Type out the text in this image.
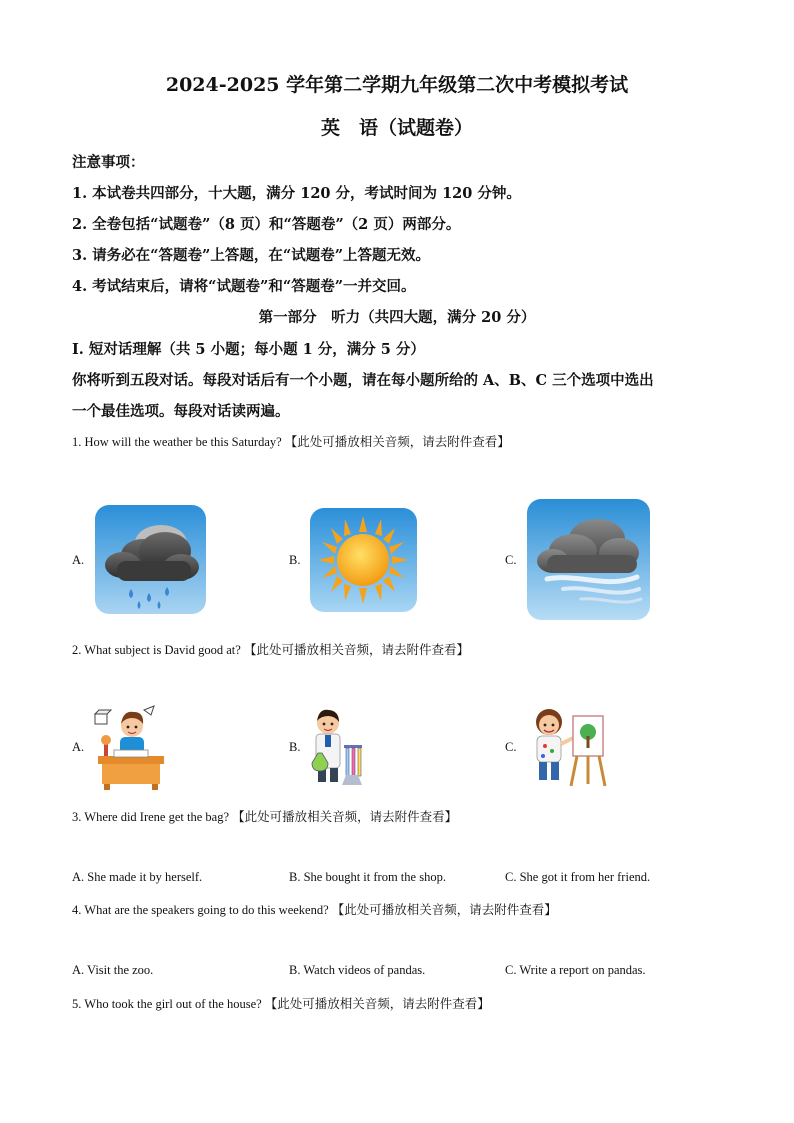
2024-2025 学年第二学期九年级第二次中考模拟考试
英　语（试题卷）
注意事项：
1. 本试卷共四部分，十大题，满分 120 分，考试时间为 120 分钟。
2. 全卷包括“试题卷”（8 页）和“答题卷”（2 页）两部分。
3. 请务必在“答题卷”上答题，在“试题卷”上答题无效。
4. 考试结束后，请将“试题卷”和“答题卷”一并交回。
第一部分　听力（共四大题，满分 20 分）
Ⅰ. 短对话理解（共 5 小题；每小题 1 分，满分 5 分）
你将听到五段对话。每段对话后有一个小题，请在每小题所给的 A、B、C 三个选项中选出
一个最佳选项。每段对话读两遍。
1. How will the weather be this Saturday? 【此处可播放相关音频，请去附件查看】
A.	B.	C.
2. What subject is David good at? 【此处可播放相关音频，请去附件查看】
A.	B.	C.
3. Where did Irene get the bag? 【此处可播放相关音频，请去附件查看】
A. She made it by herself.	B. She bought it from the shop.	C. She got it from her friend.
4. What are the speakers going to do this weekend? 【此处可播放相关音频，请去附件查看】
A. Visit the zoo.	B. Watch videos of pandas.	C. Write a report on pandas.
5. Who took the girl out of the house? 【此处可播放相关音频，请去附件查看】
